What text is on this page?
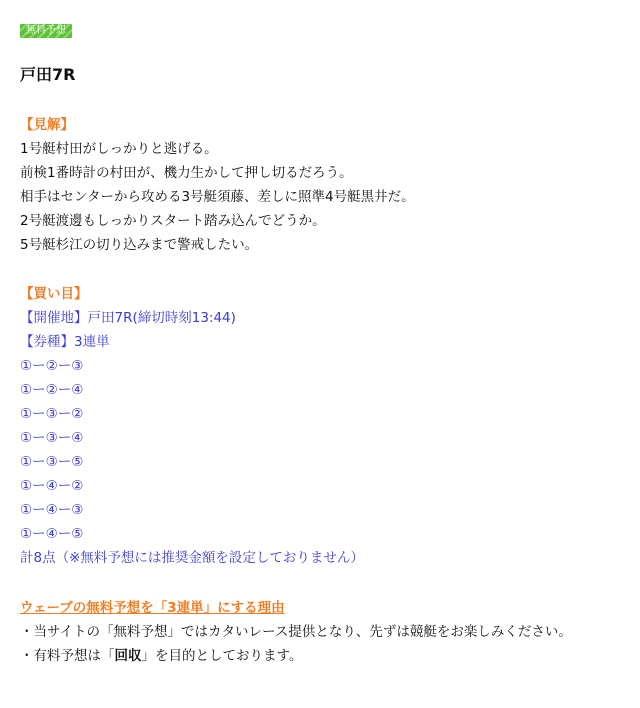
無料予想
戸田7R
【見解】
1号艇村田がしっかりと逃げる。
前検1番時計の村田が、機力生かして押し切るだろう。
相手はセンターから攻める3号艇須藤、差しに照準4号艇黒井だ。
2号艇渡邊もしっかりスタート踏み込んでどうか。
5号艇杉江の切り込みまで警戒したい。
【買い目】
【開催地】戸田7R(締切時刻13:44)
【券種】3連単
①ー②ー③
①ー②ー④
①ー③ー②
①ー③ー④
①ー③ー⑤
①ー④ー②
①ー④ー③
①ー④ー⑤
計8点（※無料予想には推奨金額を設定しておりません）
ウェーブの無料予想を「3連単」にする理由
・当サイトの「無料予想」ではカタいレース提供となり、先ずは競艇をお楽しみください。
・有料予想は「回収」を目的としております。
